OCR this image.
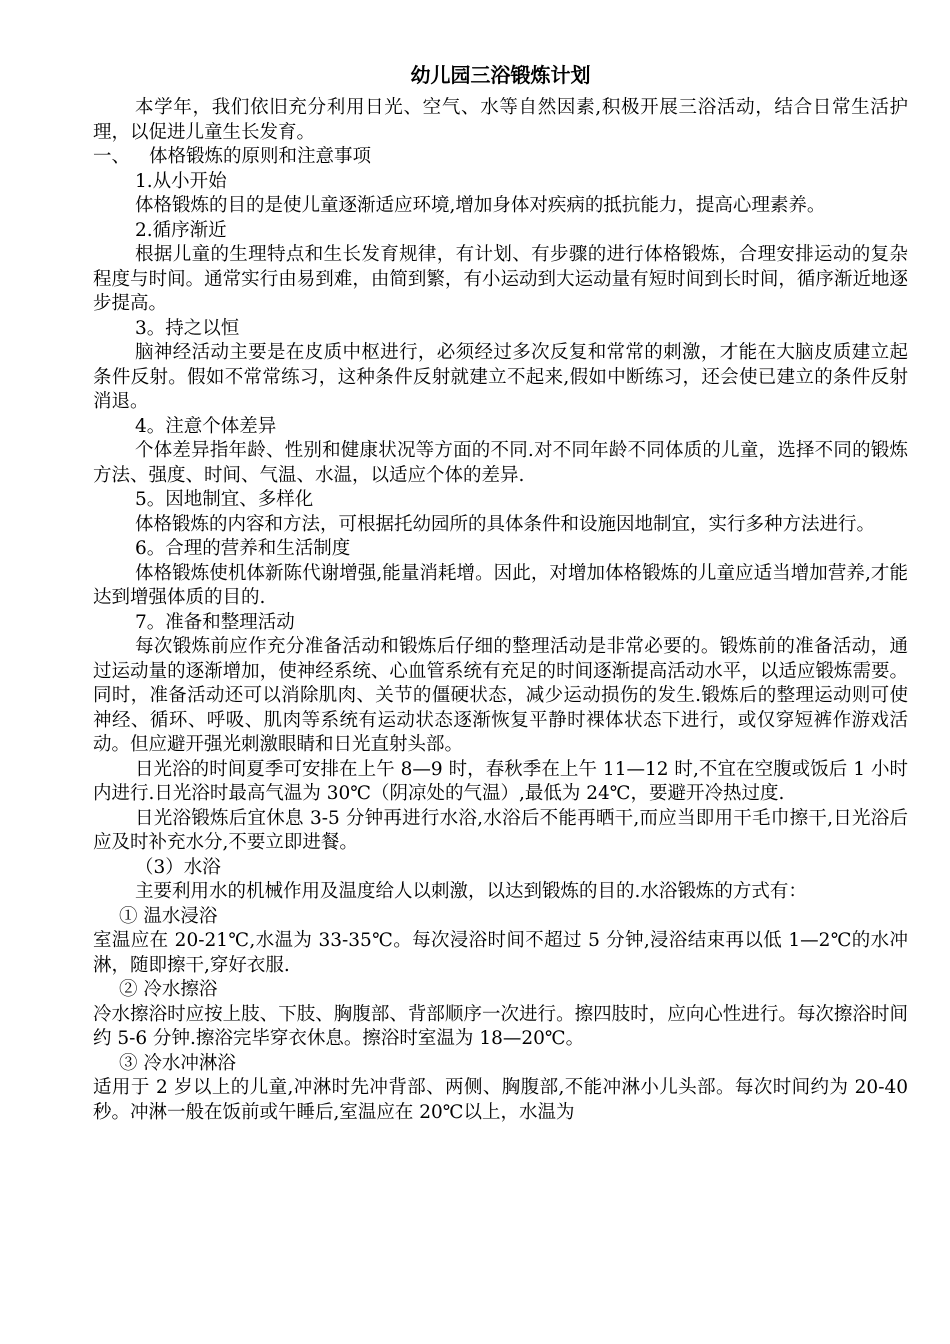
幼儿园三浴锻炼计划

本学年，我们依旧充分利用日光、空气、水等自然因素,积极开展三浴活动，结合日常生活护理，以促进儿童生长发育。

一、 体格锻炼的原则和注意事项

1.从小开始

体格锻炼的目的是使儿童逐渐适应环境,增加身体对疾病的抵抗能力，提高心理素养。

2.循序渐近

根据儿童的生理特点和生长发育规律，有计划、有步骤的进行体格锻炼，合理安排运动的复杂程度与时间。通常实行由易到难，由简到繁，有小运动到大运动量有短时间到长时间，循序渐近地逐步提高。

3。持之以恒

脑神经活动主要是在皮质中枢进行，必须经过多次反复和常常的刺激，才能在大脑皮质建立起条件反射。假如不常常练习，这种条件反射就建立不起来,假如中断练习，还会使已建立的条件反射消退。

4。注意个体差异

个体差异指年龄、性别和健康状况等方面的不同.对不同年龄不同体质的儿童，选择不同的锻炼方法、强度、时间、气温、水温，以适应个体的差异.

5。因地制宜、多样化

体格锻炼的内容和方法，可根据托幼园所的具体条件和设施因地制宜，实行多种方法进行。

6。合理的营养和生活制度

体格锻炼使机体新陈代谢增强,能量消耗增。因此，对增加体格锻炼的儿童应适当增加营养,才能达到增强体质的目的.

7。准备和整理活动

每次锻炼前应作充分准备活动和锻炼后仔细的整理活动是非常必要的。锻炼前的准备活动，通过运动量的逐渐增加，使神经系统、心血管系统有充足的时间逐渐提高活动水平，以适应锻炼需要。同时，准备活动还可以消除肌肉、关节的僵硬状态，减少运动损伤的发生.锻炼后的整理运动则可使神经、循环、呼吸、肌肉等系统有运动状态逐渐恢复平静时裸体状态下进行，或仅穿短裤作游戏活动。但应避开强光刺激眼睛和日光直射头部。

日光浴的时间夏季可安排在上午 8—9 时，春秋季在上午 11—12 时,不宜在空腹或饭后 1 小时内进行.日光浴时最高气温为 30℃（阴凉处的气温）,最低为 24℃，要避开冷热过度.

日光浴锻炼后宜休息 3-5 分钟再进行水浴,水浴后不能再晒干,而应当即用干毛巾擦干,日光浴后应及时补充水分,不要立即进餐。

（3）水浴

主要利用水的机械作用及温度给人以刺激，以达到锻炼的目的.水浴锻炼的方式有：

① 温水浸浴

室温应在 20-21℃,水温为 33-35℃。每次浸浴时间不超过 5 分钟,浸浴结束再以低 1—2℃的水冲淋，随即擦干,穿好衣服.

② 冷水擦浴

冷水擦浴时应按上肢、下肢、胸腹部、背部顺序一次进行。擦四肢时，应向心性进行。每次擦浴时间约 5-6 分钟.擦浴完毕穿衣休息。擦浴时室温为 18—20℃。

③ 冷水冲淋浴

适用于 2 岁以上的儿童,冲淋时先冲背部、两侧、胸腹部,不能冲淋小儿头部。每次时间约为 20-40 秒。冲淋一般在饭前或午睡后,室温应在 20℃以上，水温为
